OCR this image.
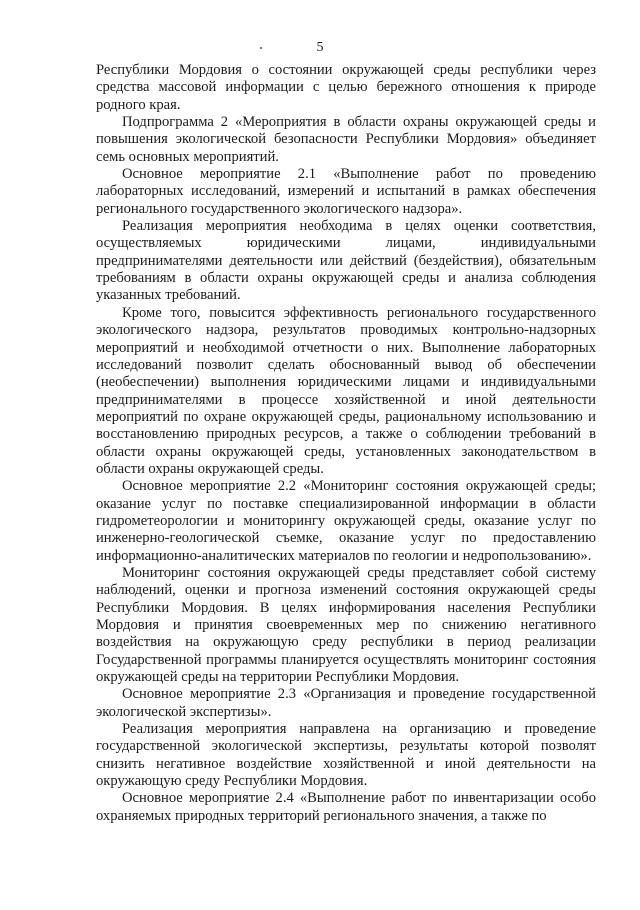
5

Республики Мордовия о состоянии окружающей среды республики через средства массовой информации с целью бережного отношения к природе родного края.

Подпрограмма 2 «Мероприятия в области охраны окружающей среды и повышения экологической безопасности Республики Мордовия» объединяет семь основных мероприятий.

Основное мероприятие 2.1 «Выполнение работ по проведению лабораторных исследований, измерений и испытаний в рамках обеспечения регионального государственного экологического надзора».

Реализация мероприятия необходима в целях оценки соответствия, осуществляемых юридическими лицами, индивидуальными предпринимателями деятельности или действий (бездействия), обязательным требованиям в области охраны окружающей среды и анализа соблюдения указанных требований.

Кроме того, повысится эффективность регионального государственного экологического надзора, результатов проводимых контрольно-надзорных мероприятий и необходимой отчетности о них. Выполнение лабораторных исследований позволит сделать обоснованный вывод об обеспечении (необеспечении) выполнения юридическими лицами и индивидуальными предпринимателями в процессе хозяйственной и иной деятельности мероприятий по охране окружающей среды, рациональному использованию и восстановлению природных ресурсов, а также о соблюдении требований в области охраны окружающей среды, установленных законодательством в области охраны окружающей среды.

Основное мероприятие 2.2 «Мониторинг состояния окружающей среды; оказание услуг по поставке специализированной информации в области гидрометеорологии и мониторингу окружающей среды, оказание услуг по инженерно-геологической съемке, оказание услуг по предоставлению информационно-аналитических материалов по геологии и недропользованию».

Мониторинг состояния окружающей среды представляет собой систему наблюдений, оценки и прогноза изменений состояния окружающей среды Республики Мордовия. В целях информирования населения Республики Мордовия и принятия своевременных мер по снижению негативного воздействия на окружающую среду республики в период реализации Государственной программы планируется осуществлять мониторинг состояния окружающей среды на территории Республики Мордовия.

Основное мероприятие 2.3 «Организация и проведение государственной экологической экспертизы».

Реализация мероприятия направлена на организацию и проведение государственной экологической экспертизы, результаты которой позволят снизить негативное воздействие хозяйственной и иной деятельности на окружающую среду Республики Мордовия.

Основное мероприятие 2.4 «Выполнение работ по инвентаризации особо охраняемых природных территорий регионального значения, а также по
